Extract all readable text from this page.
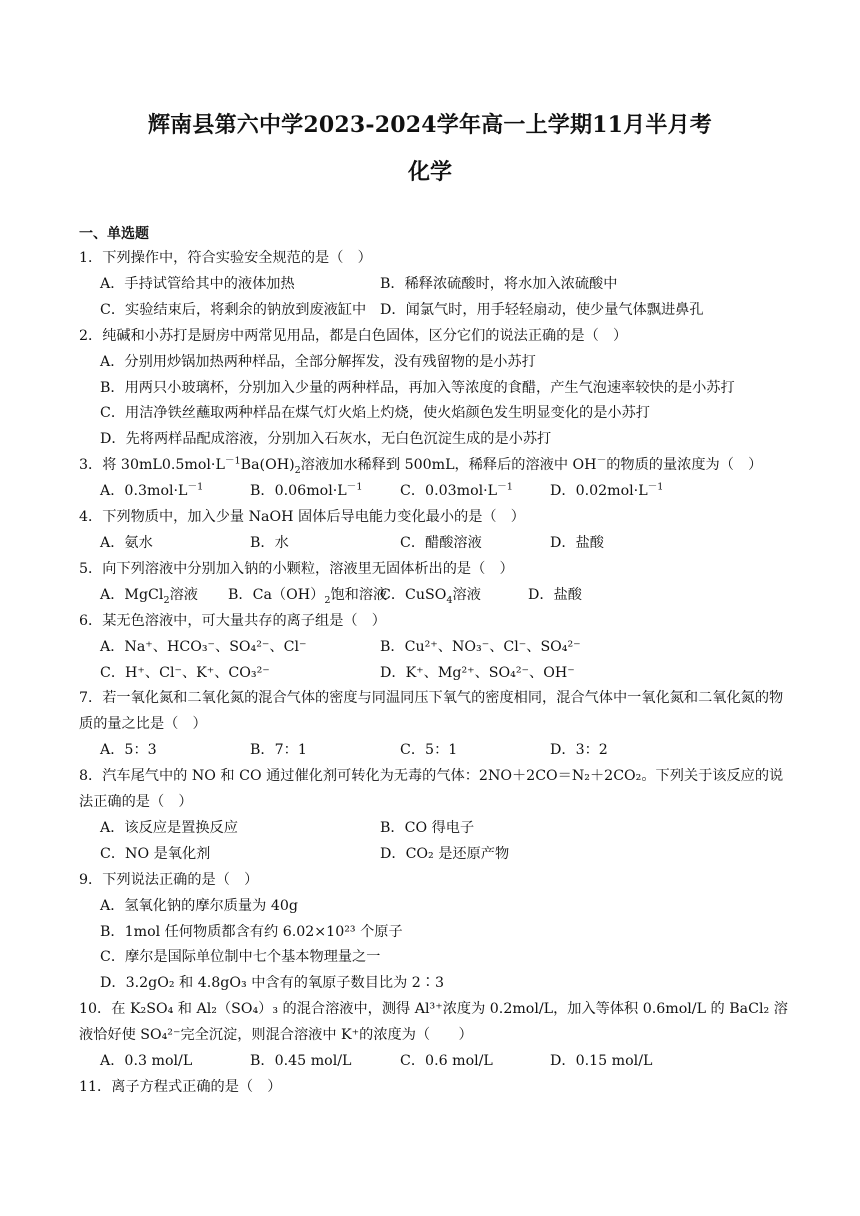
辉南县第六中学2023-2024学年高一上学期11月半月考
化学
一、单选题
1．下列操作中，符合实验安全规范的是（　）
A．手持试管给其中的液体加热	B．稀释浓硫酸时，将水加入浓硫酸中
C．实验结束后，将剩余的钠放到废液缸中 D．闻氯气时，用手轻轻扇动，使少量气体飘进鼻孔
2．纯碱和小苏打是厨房中两常见用品，都是白色固体，区分它们的说法正确的是（　）
A．分别用炒锅加热两种样品，全部分解挥发，没有残留物的是小苏打
B．用两只小玻璃杯，分别加入少量的两种样品，再加入等浓度的食醋，产生气泡速率较快的是小苏打
C．用洁净铁丝蘸取两种样品在煤气灯火焰上灼烧，使火焰颜色发生明显变化的是小苏打
D．先将两样品配成溶液，分别加入石灰水，无白色沉淀生成的是小苏打
3．将 $30mL0.5mol\cdot L^{-1}Ba(OH)_2$溶液加水稀释到 500mL，稀释后的溶液中 OH－的物质的量浓度为（　）
A．$0.3mol\cdot L^{-1}$	B．$0.06mol\cdot L^{-1}$	C．$0.03mol\cdot L^{-1}$	D．$0.02mol\cdot L^{-1}$
4．下列物质中，加入少量 NaOH 固体后导电能力变化最小的是（　）
A．氨水	B．水	C．醋酸溶液	D．盐酸
5．向下列溶液中分别加入钠的小颗粒，溶液里无固体析出的是（　）
A．MgCl$_2$溶液 B．$Ca(OH)_2$饱和溶液C．CuSO$_4$溶液	D．盐酸
6．某无色溶液中，可大量共存的离子组是（　）
A．Na⁺、HCO₃⁻、SO₄²⁻、Cl⁻	B．Cu²⁺、NO₃⁻、Cl⁻、SO₄²⁻
C．H⁺、Cl⁻、K⁺、CO₃²⁻	D．K⁺、Mg²⁺、SO₄²⁻、OH⁻
7．若一氧化氮和二氧化氮的混合气体的密度与同温同压下氧气的密度相同，混合气体中一氧化氮和二氧化氮的物质的量之比是（　）
A．5：3	B．7：1	C．5：1	D．3：2
8．汽车尾气中的 NO 和 CO 通过催化剂可转化为无毒的气体：2NO＋2CO＝N₂＋2CO₂。下列关于该反应的说法正确的是（　）
A．该反应是置换反应	B．CO 得电子
C．NO 是氧化剂	D．CO₂ 是还原产物
9．下列说法正确的是（　）
A．氢氧化钠的摩尔质量为 40g
B．1mol 任何物质都含有约 6.02×10²³ 个原子
C．摩尔是国际单位制中七个基本物理量之一
D．3.2gO₂ 和 4.8gO₃ 中含有的氧原子数目比为 2∶3
10．在 K₂SO₄ 和 Al₂（SO₄）₃ 的混合溶液中，测得 Al³⁺浓度为 0.2mol/L，加入等体积 0.6mol/L 的 BaCl₂ 溶液恰好使 SO₄²⁻完全沉淀，则混合溶液中 K⁺的浓度为（　　）
A．0.3 mol/L	B．0.45 mol/L	C．0.6 mol/L	D．0.15 mol/L
11．离子方程式正确的是（　）
